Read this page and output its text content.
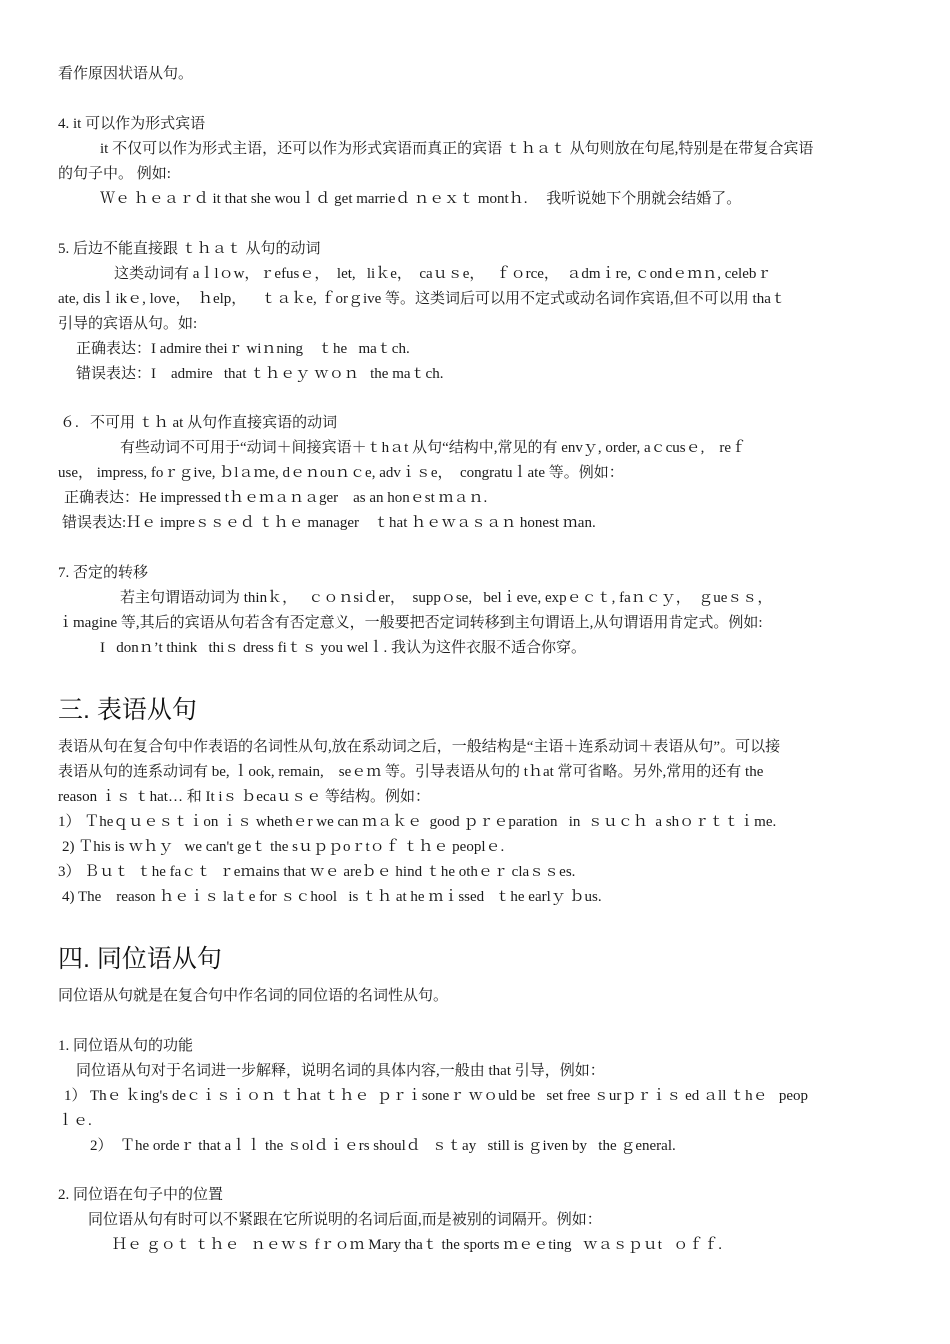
看作原因状语从句。
4. it 可以作为形式宾语
it 不仅可以作为形式主语，还可以作为形式宾语而真正的宾语 ｔｈａｔ 从句则放在句尾,特别是在带复合宾语
的句子中。 例如:
Ｗｅ ｈｅａｒｄ it that she wouｌｄ get marrieｄ ｎｅｘｔ montｈ.     我听说她下个朋就会结婚了。
5. 后边不能直接跟 ｔｈａｔ 从句的动词
这类动词有 aｌlｏw，ｒefusｅ，  let,   liｋe，  caｕｓe，   ｆｏrce，  ａdmｉre, ｃondｅｍｎ, celebｒ
ate, disｌikｅ, love，  ｈelp，    ｔａｋe, ｆorｇive 等。这类词后可以用不定式或动名词作宾语,但不可以用 thaｔ
引导的宾语从句。如:
正确表达：I admire theiｒ wiｎning    ｔhe   maｔch.
错误表达：I    admire   that ｔｈｅｙ ｗｏｎ   the maｔch.
６.   不可用 ｔｈ at 从句作直接宾语的动词
有些动词不可用于“动词＋间接宾语＋ｔhａt 从句“结构中,常见的有 envｙ, order, aｃcusｅ,    reｆ
use， impress, foｒｇive, ｂlａｍe, dｅｎouｎｃe, advｉｓe，  congratuｌate 等。例如：
正确表达：He impressed tｈｅｍａｎａger    as an honｅst ｍａｎ.
错误表达:Ｈｅ impreｓｓｅｄ ｔｈｅ manager    ｔhat ｈｅｗａｓａｎ honest ｍan.
7. 否定的转移
若主句谓语动词为 thinｋ，   ｃｏｎsiｄer，  suppｏse,   belｉeve, expｅｃｔ, faｎｃｙ，  ｇueｓｓ，
ｉmagine 等,其后的宾语从句若含有否定意义，一般要把否定词转移到主句谓语上,从句谓语用肯定式。例如:
I   donｎ’t think   thiｓ dress fiｔｓ you welｌ. 我认为这件衣服不适合你穿。
三. 表语从句
表语从句在复合句中作表语的名词性从句,放在系动词之后，一般结构是“主语＋连系动词＋表语从句”。可以接
表语从句的连系动词有 be, ｌook, remain,    seｅｍ 等。引导表语从句的 tｈat 常可省略。另外,常用的还有 the
reason ｉｓ ｔhat… 和 It iｓ ｂecaｕｓｅ 等结构。例如：
1） Ｔheｑｕｅｓｔｉon ｉｓ whethｅr we can ｍａｋｅ  good ｐｒｅparation   in  ｓｕｃｈ  a shｏｒｔｔｉme.
2) Ｔhis is ｗｈｙ   we can't geｔ the sｕｐｐoｒtｏｆ ｔｈｅ peoplｅ.
3） Ｂｕｔ  ｔhe faｃｔ  ｒeｍains that ｗｅ areｂｅ hind ｔhe othｅｒ claｓｓes.
4) The    reason ｈｅｉｓ laｔe for ｓｃhool   is ｔｈ at he ｍｉssed   ｔhe earlｙ ｂus.
四. 同位语从句
同位语从句就是在复合句中作名词的同位语的名词性从句。
1. 同位语从句的功能
同位语从句对于名词进一步解释，说明名词的具体内容,一般由 that 引导，例如：
1） Thｅ ｋing's deｃｉｓｉｏｎ ｔｈat ｔｈｅ  ｐｒｉsoneｒ ｗｏuld be   set free ｓurｐｒｉｓ ed ａll ｔhｅ   peop
ｌｅ.
2）  Ｔhe ordeｒ that aｌｌ the ｓolｄｉｅrs shoulｄ   ｓｔay   still is ｇiven by   the ｇeneral.
2. 同位语在句子中的位置
同位语从句有时可以不紧跟在它所说明的名词后面,而是被别的词隔开。例如：
Ｈｅ ｇｏｔ ｔｈｅ   ｎｅｗｓ fｒｏｍ Mary thaｔ the sports ｍｅｅting   ｗａｓｐｕt   ｏｆｆ.
